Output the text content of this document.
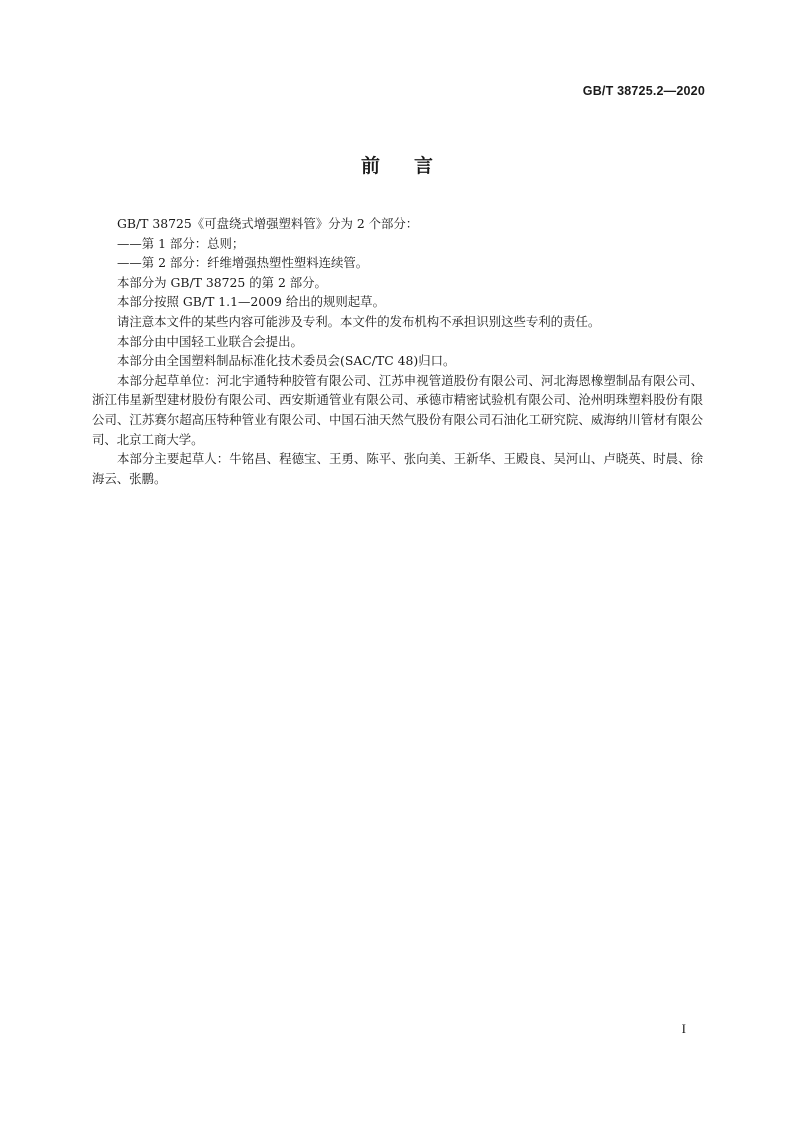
GB/T 38725.2—2020
前言

GB/T 38725《可盘绕式增强塑料管》分为 2 个部分：

——第 1 部分：总则；

——第 2 部分：纤维增强热塑性塑料连续管。

本部分为 GB/T 38725 的第 2 部分。

本部分按照 GB/T 1.1—2009 给出的规则起草。

请注意本文件的某些内容可能涉及专利。本文件的发布机构不承担识别这些专利的责任。

本部分由中国轻工业联合会提出。

本部分由全国塑料制品标准化技术委员会(SAC/TC 48)归口。

本部分起草单位：河北宇通特种胶管有限公司、江苏申视管道股份有限公司、河北海恩橡塑制品有限公司、浙江伟星新型建材股份有限公司、西安斯通管业有限公司、承德市精密试验机有限公司、沧州明珠塑料股份有限公司、江苏赛尔超高压特种管业有限公司、中国石油天然气股份有限公司石油化工研究院、威海纳川管材有限公司、北京工商大学。

本部分主要起草人：牛铭昌、程德宝、王勇、陈平、张向美、王新华、王殿良、吴河山、卢晓英、时晨、徐海云、张鹏。

I
